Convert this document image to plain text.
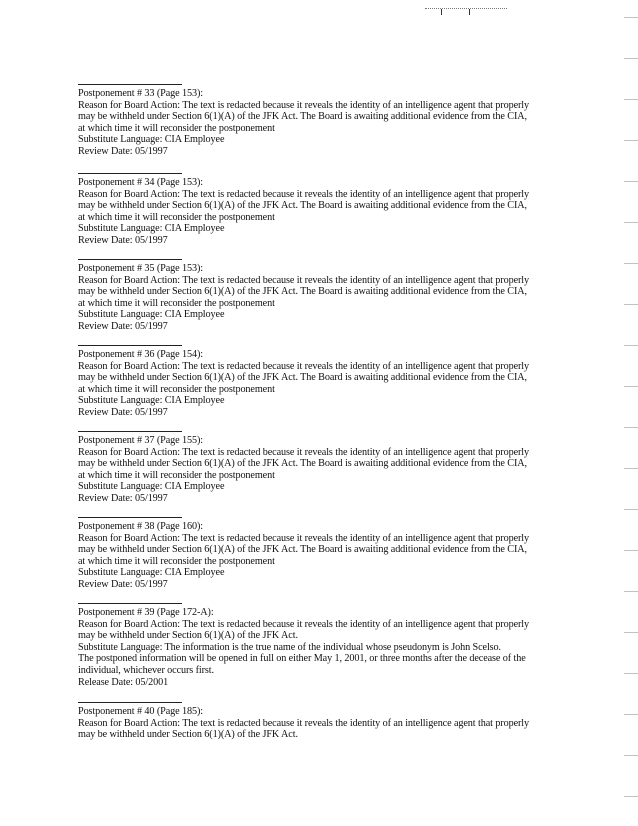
Postponement # 33 (Page 153):
Reason for Board Action: The text is redacted because it reveals the identity of an intelligence agent that properly
may be withheld under Section 6(1)(A) of the JFK Act. The Board is awaiting additional evidence from the CIA,
at which time it will reconsider the postponement
Substitute Language: CIA Employee
Review Date: 05/1997
Postponement # 34 (Page 153):
Reason for Board Action: The text is redacted because it reveals the identity of an intelligence agent that properly
may be withheld under Section 6(1)(A) of the JFK Act. The Board is awaiting additional evidence from the CIA,
at which time it will reconsider the postponement
Substitute Language: CIA Employee
Review Date: 05/1997
Postponement # 35 (Page 153):
Reason for Board Action: The text is redacted because it reveals the identity of an intelligence agent that properly
may be withheld under Section 6(1)(A) of the JFK Act. The Board is awaiting additional evidence from the CIA,
at which time it will reconsider the postponement
Substitute Language: CIA Employee
Review Date: 05/1997
Postponement # 36 (Page 154):
Reason for Board Action: The text is redacted because it reveals the identity of an intelligence agent that properly
may be withheld under Section 6(1)(A) of the JFK Act. The Board is awaiting additional evidence from the CIA,
at which time it will reconsider the postponement
Substitute Language: CIA Employee
Review Date: 05/1997
Postponement # 37 (Page 155):
Reason for Board Action: The text is redacted because it reveals the identity of an intelligence agent that properly
may be withheld under Section 6(1)(A) of the JFK Act. The Board is awaiting additional evidence from the CIA,
at which time it will reconsider the postponement
Substitute Language: CIA Employee
Review Date: 05/1997
Postponement # 38 (Page 160):
Reason for Board Action: The text is redacted because it reveals the identity of an intelligence agent that properly
may be withheld under Section 6(1)(A) of the JFK Act. The Board is awaiting additional evidence from the CIA,
at which time it will reconsider the postponement
Substitute Language: CIA Employee
Review Date: 05/1997
Postponement # 39 (Page 172-A):
Reason for Board Action: The text is redacted because it reveals the identity of an intelligence agent that properly
may be withheld under Section 6(1)(A) of the JFK Act.
Substitute Language: The information is the true name of the individual whose pseudonym is John Scelso.
The postponed information will be opened in full on either May 1, 2001, or three months after the decease of the
individual, whichever occurs first.
Release Date: 05/2001
Postponement # 40 (Page 185):
Reason for Board Action: The text is redacted because it reveals the identity of an intelligence agent that properly
may be withheld under Section 6(1)(A) of the JFK Act.
